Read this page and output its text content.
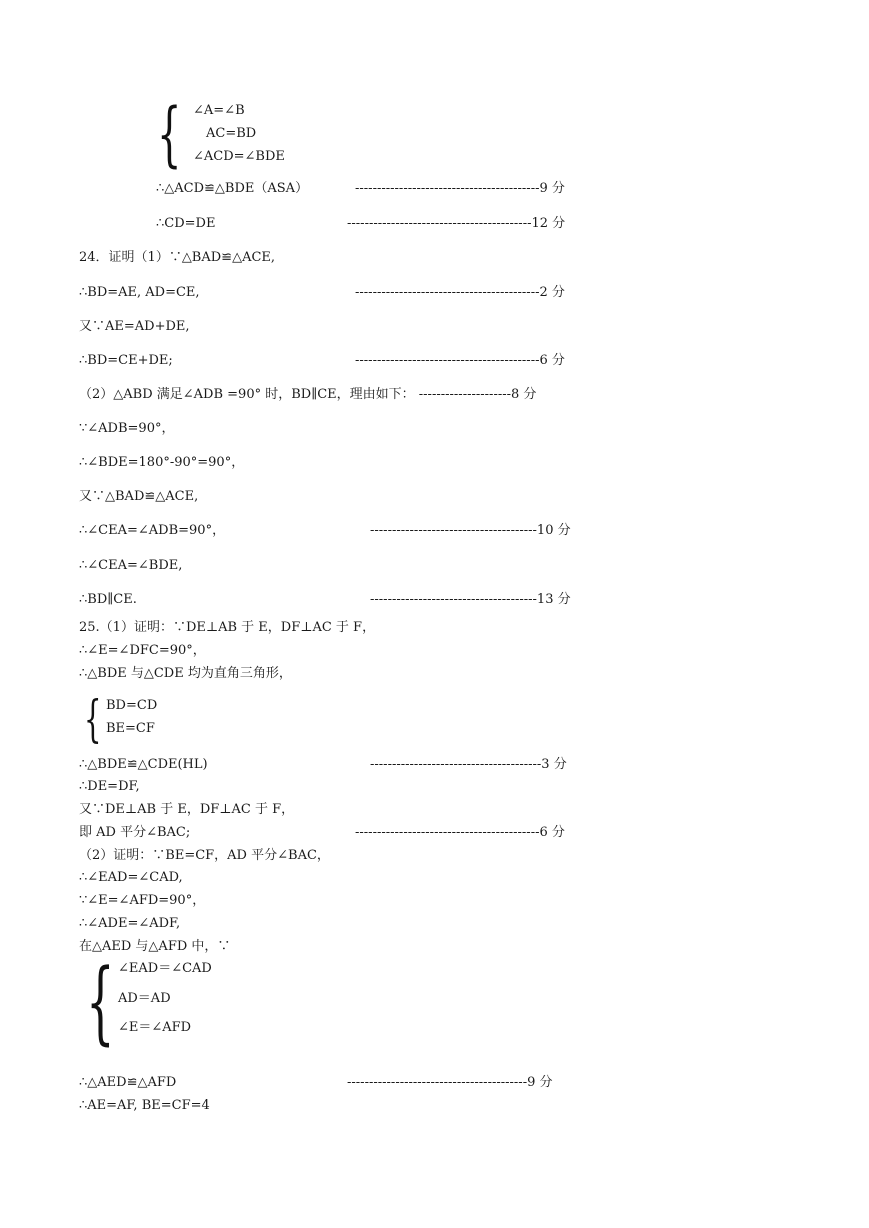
{ ∠A=∠B
AC=BD
∠ACD=∠BDE
∴△ACD≌△BDE（ASA）	------------------------------------------9 分
∴CD=DE	------------------------------------------12 分
24．证明（1）∵△BAD≌△ACE,
∴BD=AE, AD=CE,	------------------------------------------2 分
又∵AE=AD+DE,
∴BD=CE+DE;	------------------------------------------6 分
（2）△ABD 满足∠ADB =90° 时，BD∥CE，理由如下： ---------------------8 分
∵∠ADB=90°，
∴∠BDE=180°-90°=90°，
又∵△BAD≌△ACE,
∴∠CEA=∠ADB=90°，	--------------------------------------10 分
∴∠CEA=∠BDE,
∴BD∥CE.	--------------------------------------13 分
25.（1）证明：∵DE⊥AB 于 E，DF⊥AC 于 F，
∴∠E=∠DFC=90°，
∴△BDE 与△CDE 均为直角三角形，
{ BD=CD
BE=CF
∴△BDE≌△CDE(HL)	---------------------------------------3 分
∴DE=DF,
又∵DE⊥AB 于 E，DF⊥AC 于 F，
即 AD 平分∠BAC;	------------------------------------------6 分
（2）证明：∵BE=CF，AD 平分∠BAC，
∴∠EAD=∠CAD,
∵∠E=∠AFD=90°，
∴∠ADE=∠ADF,
在△AED 与△AFD 中，∵
{ ∠EAD＝∠CAD
AD＝AD
∠E＝∠AFD
∴△AED≌△AFD	-----------------------------------------9 分
∴AE=AF, BE=CF=4
